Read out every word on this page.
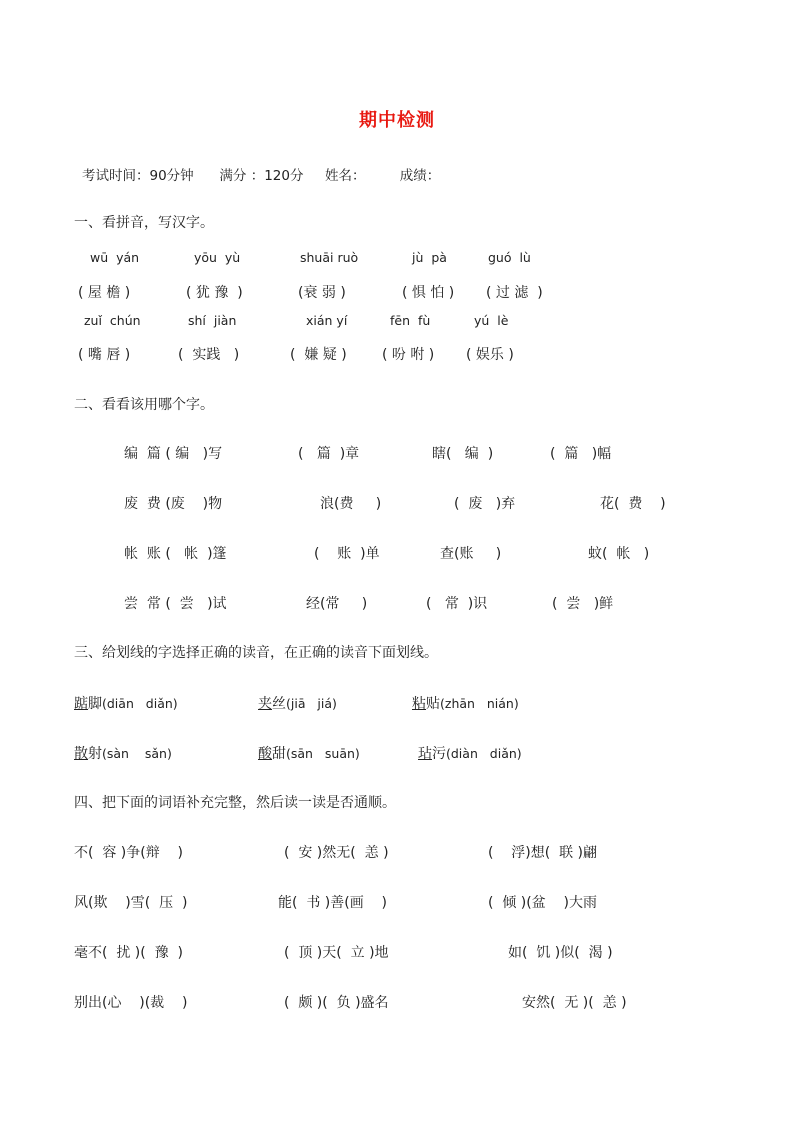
期中检测
考试时间：90分钟      满分 ：120分     姓名：        成绩：
一、看拼音，写汉字。
wū  yán	yōu  yù	shuāi ruò	jù  pà	guó  lù
( 屋 檐 )	( 犹 豫  )	(衰 弱 )	( 惧 怕 ) ( 过 滤  )
zuǐ  chún	shí  jiàn	xián yí	fēn  fù	yú  lè
( 嘴 唇 )	(  实践   )	(  嫌 疑 )	( 吩 咐 ) ( 娱乐 )
二、看看该用哪个字。
编  篇 ( 编   )写	(   篇  )章	瞎(   编  )	(  篇   )幅
废  费 (废    )物	浪(费     )	(  废   )弃	花(  费    )
帐  账 (   帐  )篷	(    账  )单	查(账     )	蚊(  帐   )
尝  常 (  尝   )试	经(常     )	(   常  )识	(  尝   )鲜
三、给划线的字选择正确的读音，在正确的读音下面划线。
踮脚(diān   diǎn)	夹丝(jiā   jiá)	粘贴(zhān   nián)
散射(sàn    sǎn)	酸甜(sān   suān)	玷污(diàn   diǎn)
四、把下面的词语补充完整，然后读一读是否通顺。
不(  容 )争(辩    )	(  安 )然无(  恙 )	(    浮)想(  联 )翩
风(欺    )雪(  压  )	能(  书 )善(画    )	(  倾 )(盆    )大雨
毫不(  扰 )(  豫  )	(  顶 )天(  立 )地	如(  饥 )似(  渴 )
别出(心    )(裁    )	(  颇 )(  负 )盛名	安然(  无 )(  恙 )
